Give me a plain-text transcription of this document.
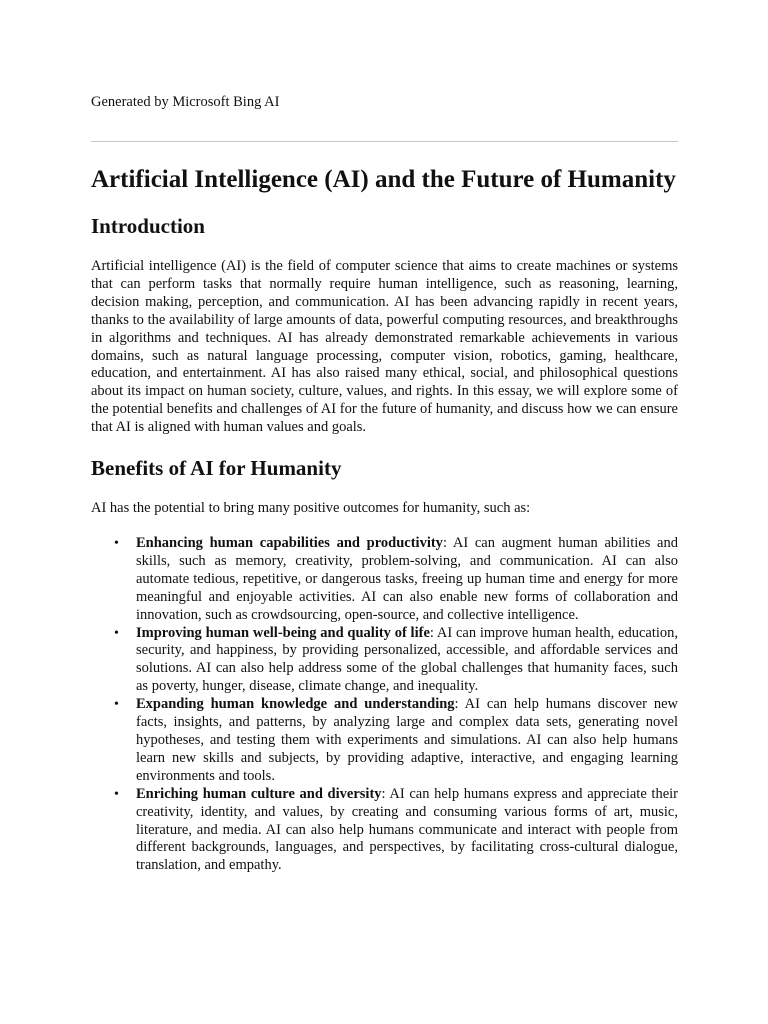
Generated by Microsoft Bing AI
Artificial Intelligence (AI) and the Future of Humanity
Introduction

Artificial intelligence (AI) is the field of computer science that aims to create machines or systems that can perform tasks that normally require human intelligence, such as reasoning, learning, decision making, perception, and communication. AI has been advancing rapidly in recent years, thanks to the availability of large amounts of data, powerful computing resources, and breakthroughs in algorithms and techniques. AI has already demonstrated remarkable achievements in various domains, such as natural language processing, computer vision, robotics, gaming, healthcare, education, and entertainment. AI has also raised many ethical, social, and philosophical questions about its impact on human society, culture, values, and rights. In this essay, we will explore some of the potential benefits and challenges of AI for the future of humanity, and discuss how we can ensure that AI is aligned with human values and goals.

Benefits of AI for Humanity

AI has the potential to bring many positive outcomes for humanity, such as:

• Enhancing human capabilities and productivity: AI can augment human abilities and skills, such as memory, creativity, problem-solving, and communication. AI can also automate tedious, repetitive, or dangerous tasks, freeing up human time and energy for more meaningful and enjoyable activities. AI can also enable new forms of collaboration and innovation, such as crowdsourcing, open-source, and collective intelligence.
• Improving human well-being and quality of life: AI can improve human health, education, security, and happiness, by providing personalized, accessible, and affordable services and solutions. AI can also help address some of the global challenges that humanity faces, such as poverty, hunger, disease, climate change, and inequality.
• Expanding human knowledge and understanding: AI can help humans discover new facts, insights, and patterns, by analyzing large and complex data sets, generating novel hypotheses, and testing them with experiments and simulations. AI can also help humans learn new skills and subjects, by providing adaptive, interactive, and engaging learning environments and tools.
• Enriching human culture and diversity: AI can help humans express and appreciate their creativity, identity, and values, by creating and consuming various forms of art, music, literature, and media. AI can also help humans communicate and interact with people from different backgrounds, languages, and perspectives, by facilitating cross-cultural dialogue, translation, and empathy.
